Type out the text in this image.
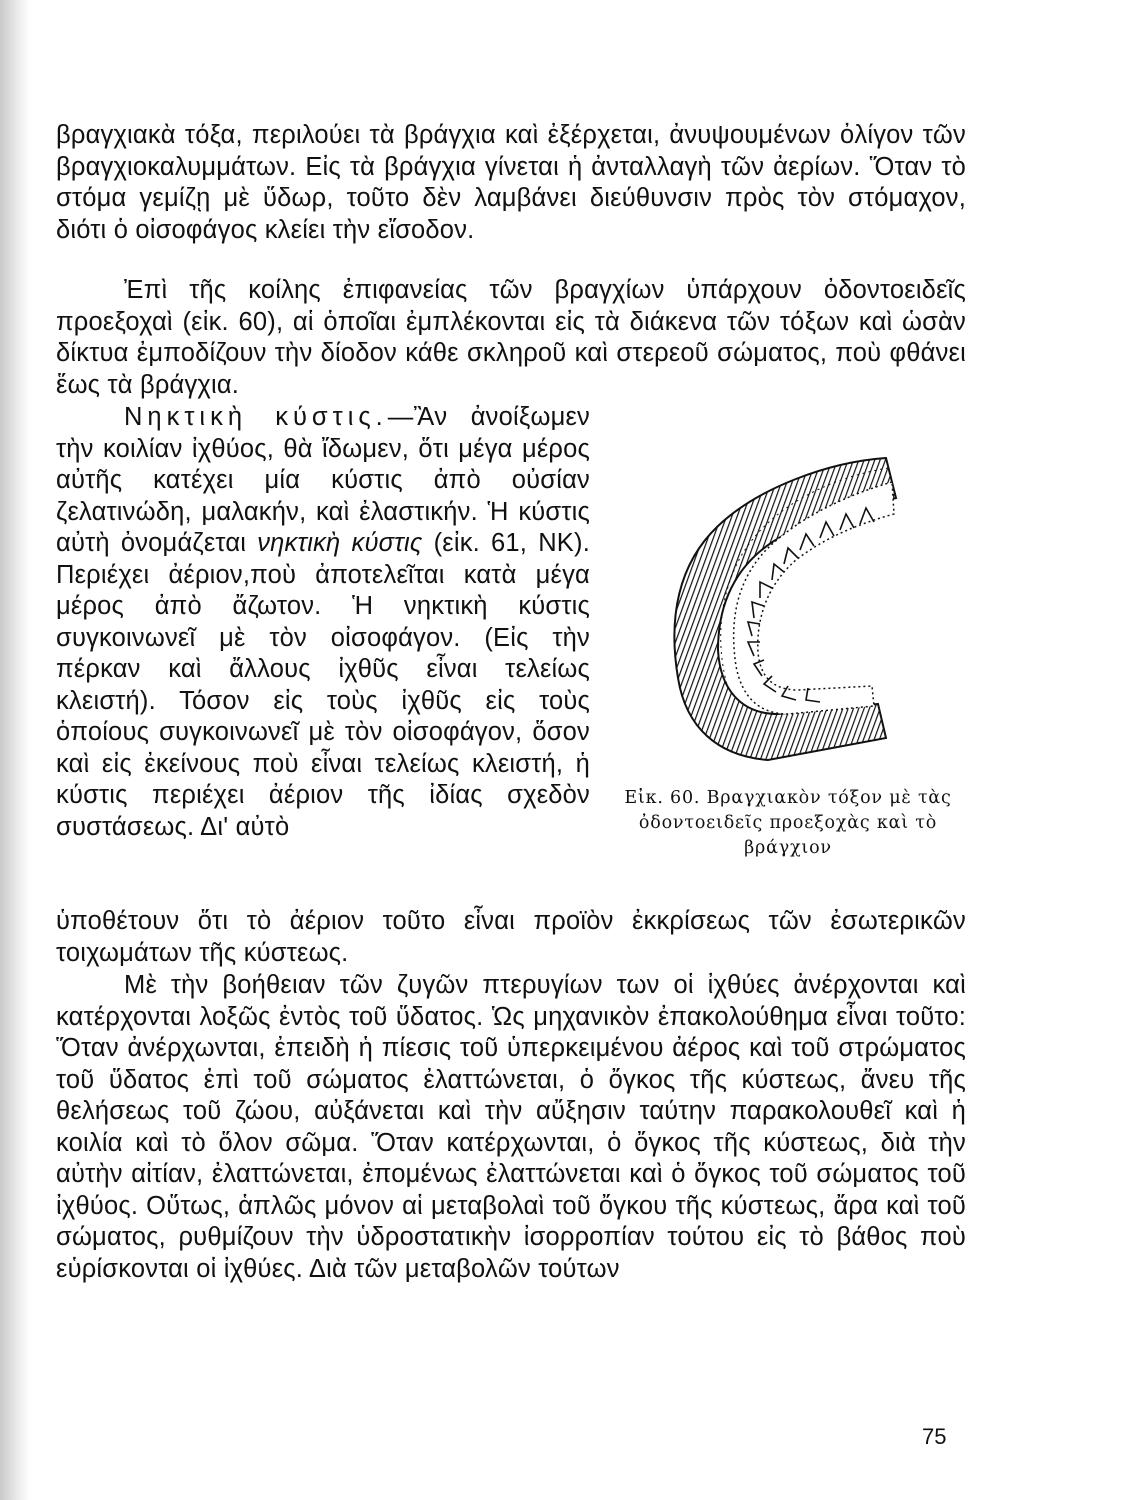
βραγχιακὰ τόξα, περιλούει τὰ βράγχια καὶ ἐξέρχεται, ἀνυψουμένων ὀλίγον τῶν βραγχιοκαλυμμάτων. Εἰς τὰ βράγχια γίνεται ἡ ἀνταλλαγὴ τῶν ἀερίων. Ὅταν τὸ στόμα γεμίζῃ μὲ ὕδωρ, τοῦτο δὲν λαμβάνει διεύθυνσιν πρὸς τὸν στόμαχον, διότι ὁ οἰσοφάγος κλείει τὴν εἴσοδον.

Ἐπὶ τῆς κοίλης ἐπιφανείας τῶν βραγχίων ὑπάρχουν ὀδοντοειδεῖς προεξοχαὶ (εἰκ. 60), αἱ ὁποῖαι ἐμπλέκονται εἰς τὰ διάκενα τῶν τόξων καὶ ὡσὰν δίκτυα ἐμποδίζουν τὴν δίοδον κάθε σκληροῦ καὶ στερεοῦ σώματος, ποὺ φθάνει ἕως τὰ βράγχια.

Νηκτικὴ κύστις.—Ἂν ἀνοίξωμεν τὴν κοιλίαν ἰχθύος, θὰ ἴδωμεν, ὅτι μέγα μέρος αὐτῆς κατέχει μία κύστις ἀπὸ οὐσίαν ζελατινώδη, μαλακήν, καὶ ἐλαστικήν. Ἡ κύστις αὐτὴ ὀνομάζεται νηκτικὴ κύστις (εἰκ. 61, ΝΚ). Περιέχει ἀέριον,ποὺ ἀποτελεῖται κατὰ μέγα μέρος ἀπὸ ἄζωτον. Ἡ νηκτικὴ κύστις συγκοινωνεῖ μὲ τὸν οἰσοφάγον. (Εἰς τὴν πέρκαν καὶ ἄλλους ἰχθῦς εἶναι τελείως κλειστή). Τόσον εἰς τοὺς ἰχθῦς εἰς τοὺς ὁποίους συγκοινωνεῖ μὲ τὸν οἰσοφάγον, ὅσον καὶ εἰς ἐκείνους ποὺ εἶναι τελείως κλειστή, ἡ κύστις περιέχει ἀέριον τῆς ἰδίας σχεδὸν συστάσεως. Δι' αὐτὸ

ὑποθέτουν ὅτι τὸ ἀέριον τοῦτο εἶναι προϊὸν ἐκκρίσεως τῶν ἐσωτερικῶν τοιχωμάτων τῆς κύστεως.

Μὲ τὴν βοήθειαν τῶν ζυγῶν πτερυγίων των οἱ ἰχθύες ἀνέρχονται καὶ κατέρχονται λοξῶς ἐντὸς τοῦ ὕδατος. Ὡς μηχανικὸν ἐπακολούθημα εἶναι τοῦτο: Ὅταν ἀνέρχωνται, ἐπειδὴ ἡ πίεσις τοῦ ὑπερκειμένου ἀέρος καὶ τοῦ στρώματος τοῦ ὕδατος ἐπὶ τοῦ σώματος ἐλαττώνεται, ὁ ὄγκος τῆς κύστεως, ἄνευ τῆς θελήσεως τοῦ ζώου, αὐξάνεται καὶ τὴν αὔξησιν ταύτην παρακολουθεῖ καὶ ἡ κοιλία καὶ τὸ ὅλον σῶμα. Ὅταν κατέρχωνται, ὁ ὄγκος τῆς κύστεως, διὰ τὴν αὐτὴν αἰτίαν, ἐλαττώνεται, ἐπομένως ἐλαττώνεται καὶ ὁ ὄγκος τοῦ σώματος τοῦ ἰχθύος. Οὕτως, ἁπλῶς μόνον αἱ μεταβολαὶ τοῦ ὄγκου τῆς κύστεως, ἄρα καὶ τοῦ σώματος, ρυθμίζουν τὴν ὑδροστατικὴν ἰσορροπίαν τούτου εἰς τὸ βάθος ποὺ εὑρίσκονται οἱ ἰχθύες. Διὰ τῶν μεταβολῶν τούτων

Εἰκ. 60. Βραγχιακὸν τόξον μὲ τὰς ὀδοντοειδεῖς προεξοχὰς καὶ τὸ βράγχιον
75
